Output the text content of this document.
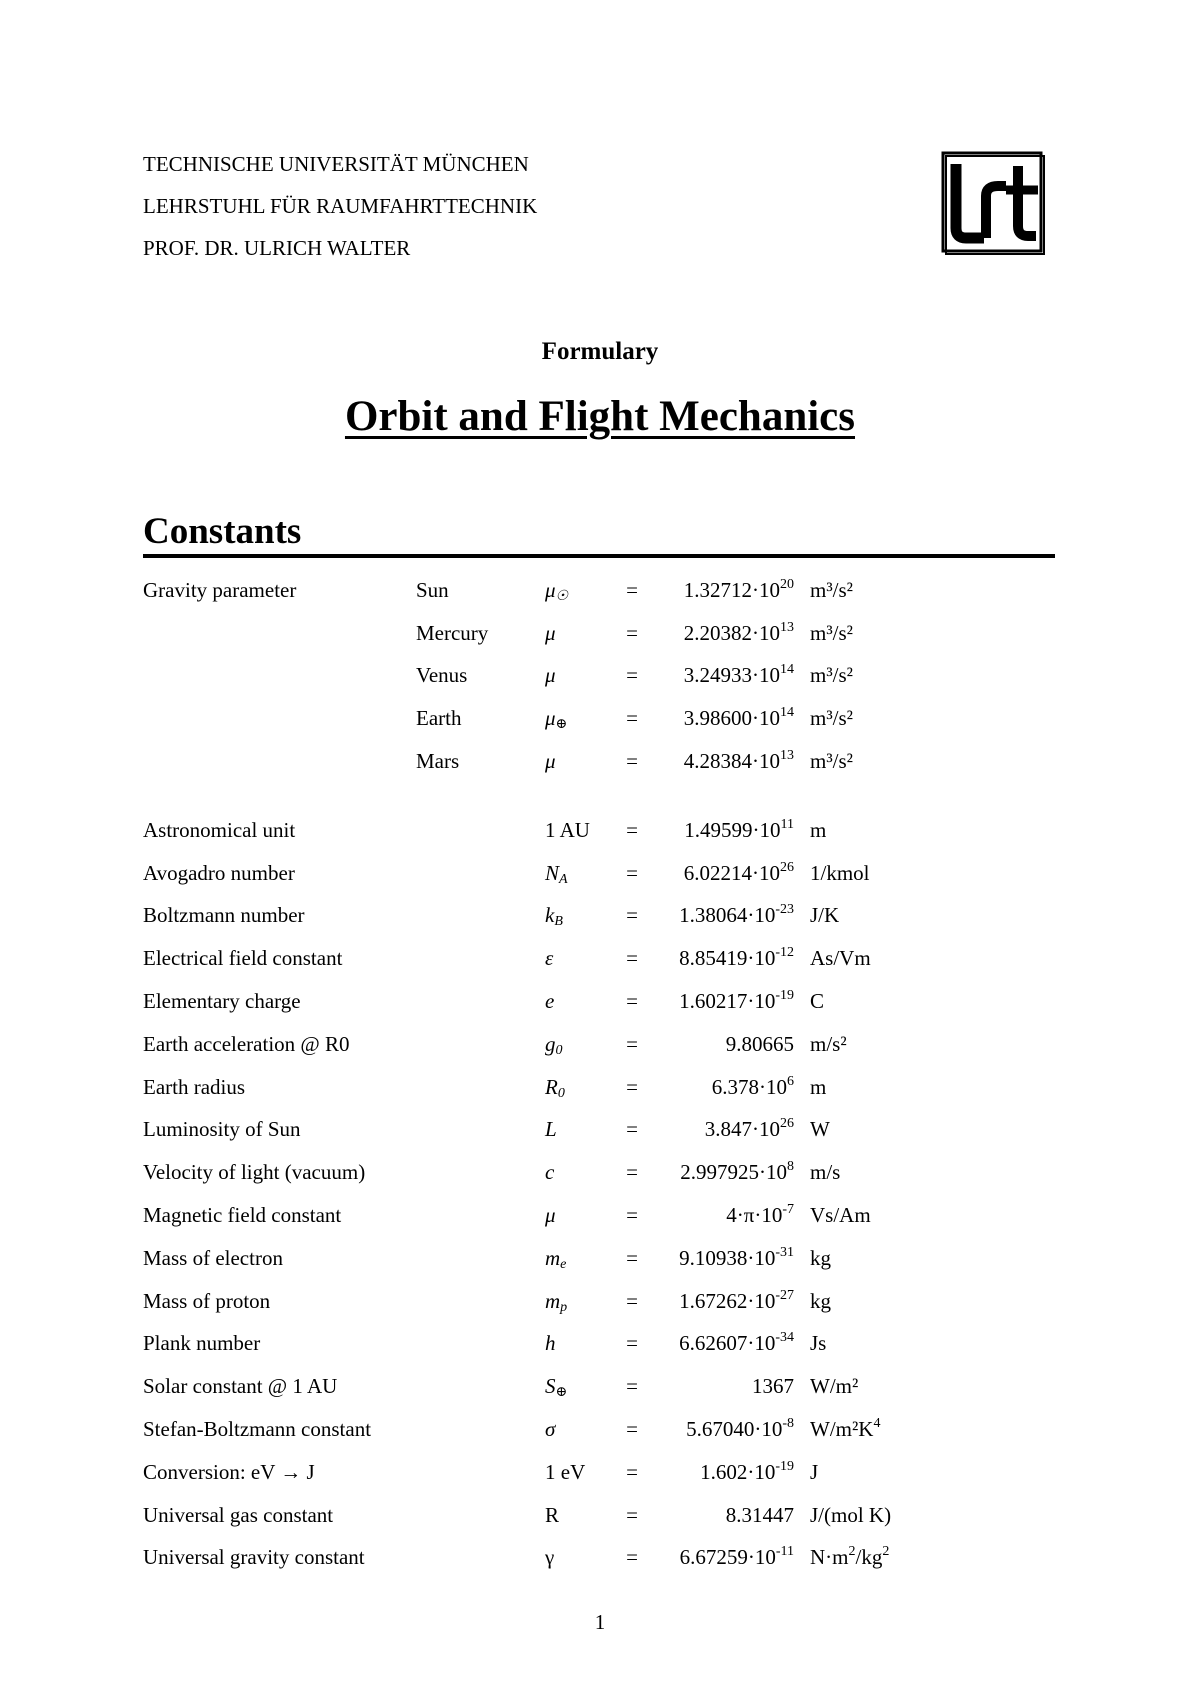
TECHNISCHE UNIVERSITÄT MÜNCHEN
LEHRSTUHL FÜR RAUMFAHRTTECHNIK
PROF. DR. ULRICH WALTER
Formulary
Orbit and Flight Mechanics
Constants
Gravity parameter	Sun	$\mu_☉$	=	$1.32712\cdot 10^{20}$	m³/s²
	Mercury	μ	=	$2.20382\cdot 10^{13}$	m³/s²
	Venus	μ	=	$3.24933\cdot 10^{14}$	m³/s²
	Earth	$\mu_\oplus$	=	$3.98600\cdot 10^{14}$	m³/s²
	Mars	μ	=	$4.28384\cdot 10^{13}$	m³/s²

Astronomical unit		1 AU	=	$1.49599\cdot 10^{11}$	m
Avogadro number		$N_A$	=	$6.02214\cdot 10^{26}$	1/kmol
Boltzmann number		$k_B$	=	$1.38064\cdot 10^{-23}$	J/K
Electrical field constant		ε	=	$8.85419\cdot 10^{-12}$	As/Vm
Elementary charge		e	=	$1.60217\cdot 10^{-19}$	C
Earth acceleration @ R0		$g_0$	=	9.80665	m/s²
Earth radius		$R_0$	=	$6.378\cdot 10^6$	m
Luminosity of Sun		L	=	$3.847\cdot 10^{26}$	W
Velocity of light (vacuum)		c	=	$2.997925\cdot 10^8$	m/s
Magnetic field constant		μ	=	$4\cdot\pi\cdot 10^{-7}$	Vs/Am
Mass of electron		$m_e$	=	$9.10938\cdot 10^{-31}$	kg
Mass of proton		$m_p$	=	$1.67262\cdot 10^{-27}$	kg
Plank number		h	=	$6.62607\cdot 10^{-34}$	Js
Solar constant @ 1 AU		$S_\oplus$	=	1367	W/m²
Stefan-Boltzmann constant		σ	=	$5.67040\cdot 10^{-8}$	$W/m^2K^4$
Conversion: eV → J		1 eV	=	$1.602\cdot 10^{-19}$	J
Universal gas constant		R	=	8.31447	J/(mol K)
Universal gravity constant		γ	=	$6.67259\cdot 10^{-11}$	$N\cdot m^2/kg^2$
1
